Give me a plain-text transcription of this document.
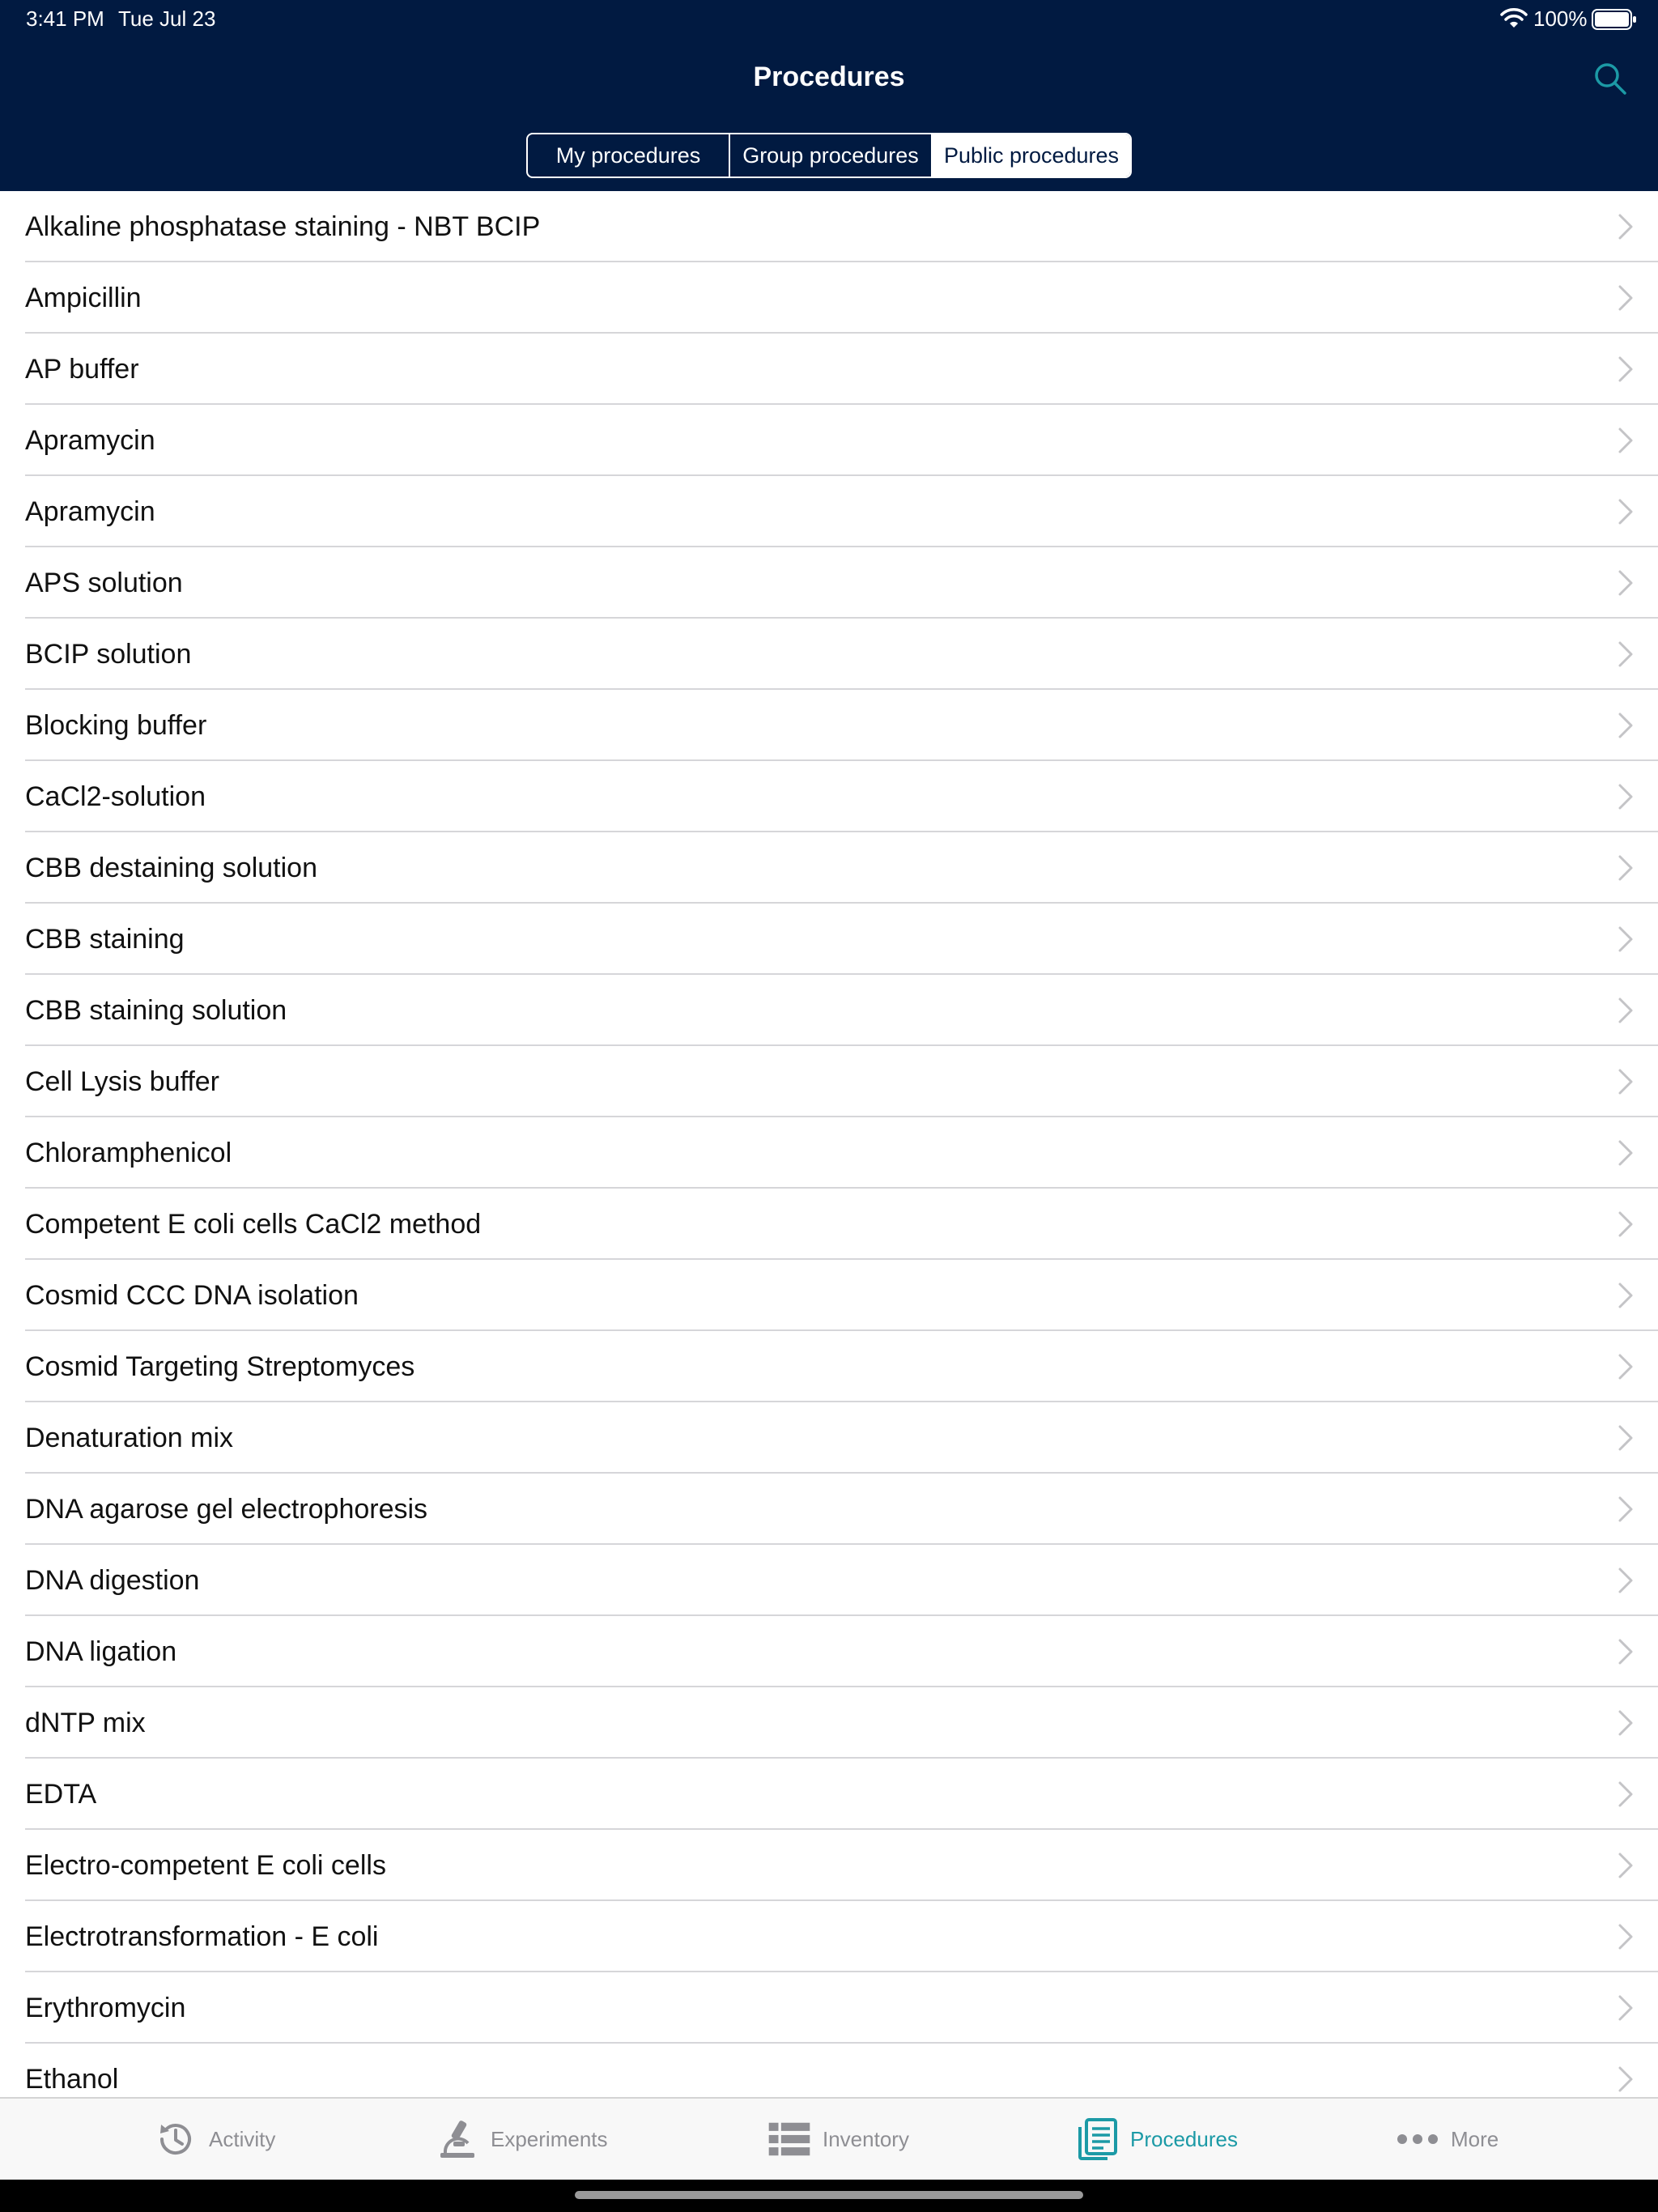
3:41 PM Tue Jul 23	100%
Procedures
My procedures	Group procedures	Public procedures
Alkaline phosphatase staining - NBT BCIP
Ampicillin
AP buffer
Apramycin
Apramycin
APS solution
BCIP solution
Blocking buffer
CaCl2-solution
CBB destaining solution
CBB staining
CBB staining solution
Cell Lysis buffer
Chloramphenicol
Competent E coli cells CaCl2 method
Cosmid CCC DNA isolation
Cosmid Targeting Streptomyces
Denaturation mix
DNA agarose gel electrophoresis
DNA digestion
DNA ligation
dNTP mix
EDTA
Electro-competent E coli cells
Electrotransformation - E coli
Erythromycin
Ethanol
Activity	Experiments	Inventory	Procedures	More
